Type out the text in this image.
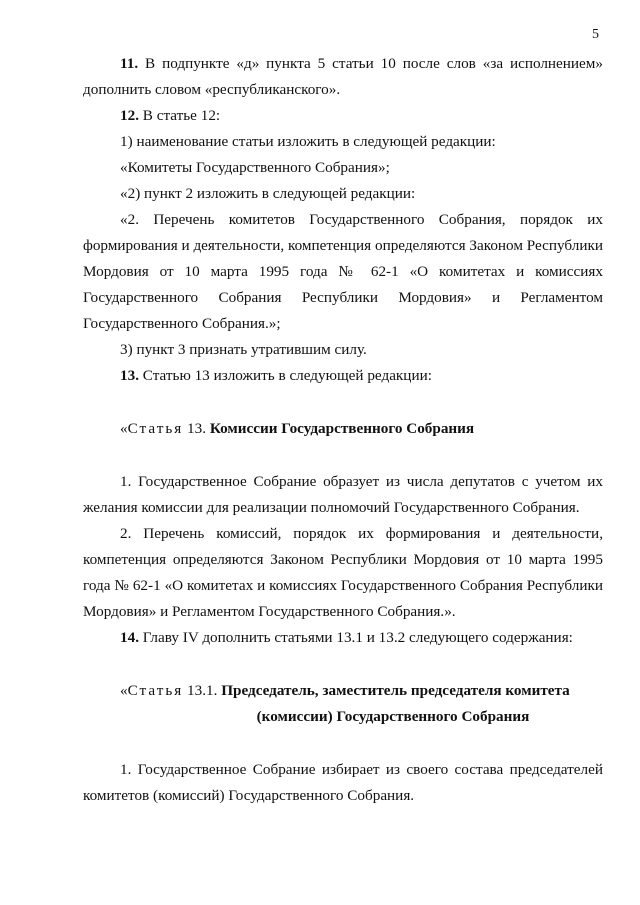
5

11. В подпункте «д» пункта 5 статьи 10 после слов «за исполнением» дополнить словом «республиканского».

12. В статье 12:

1) наименование статьи изложить в следующей редакции:

«Комитеты Государственного Собрания»;

«2) пункт 2 изложить в следующей редакции:

«2. Перечень комитетов Государственного Собрания, порядок их формирования и деятельности, компетенция определяются Законом Республики Мордовия от 10 марта 1995 года № 62-1 «О комитетах и комиссиях Государственного Собрания Республики Мордовия» и Регламентом Государственного Собрания.»;

3) пункт 3 признать утратившим силу.

13. Статью 13 изложить в следующей редакции:

«Статья 13. Комиссии Государственного Собрания

1. Государственное Собрание образует из числа депутатов с учетом их желания комиссии для реализации полномочий Государственного Собрания.

2. Перечень комиссий, порядок их формирования и деятельности, компетенция определяются Законом Республики Мордовия от 10 марта 1995 года № 62-1 «О комитетах и комиссиях Государственного Собрания Республики Мордовия» и Регламентом Государственного Собрания.».

14. Главу IV дополнить статьями 13.1 и 13.2 следующего содержания:

«Статья 13.1. Председатель, заместитель председателя комитета

(комиссии) Государственного Собрания

1. Государственное Собрание избирает из своего состава председателей комитетов (комиссий) Государственного Собрания.
